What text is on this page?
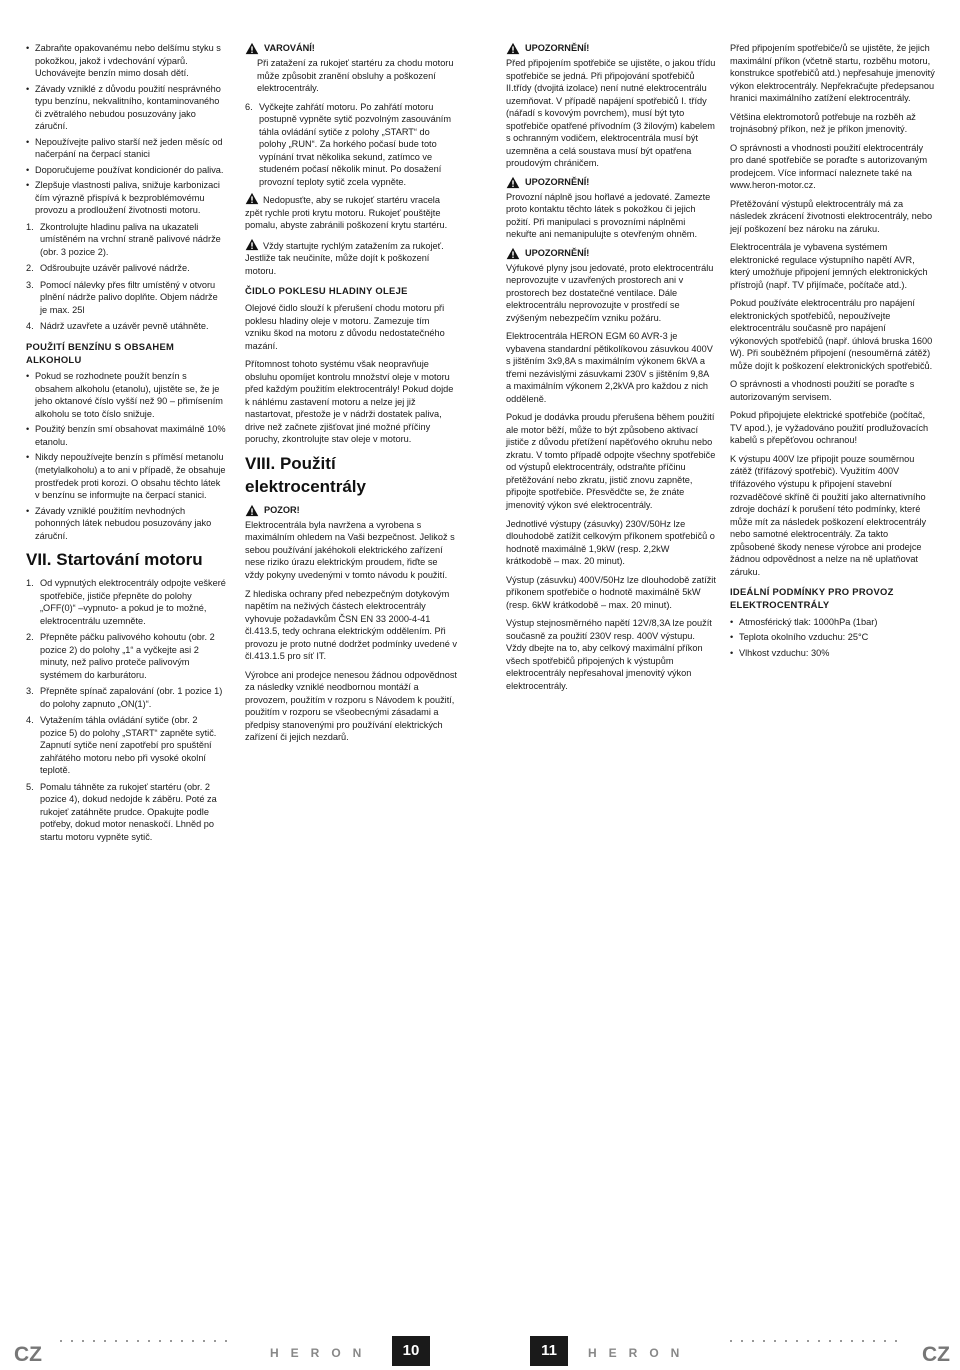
• Zabraňte opakovanému nebo delšímu styku s pokožkou, jakož i vdechování výparů. Uchovávejte benzín mimo dosah dětí.
• Závady vzniklé z důvodu použití nesprávného typu benzínu, nekvalitního, kontaminovaného či zvětralého nebudou posuzovány jako záruční.
• Nepoužívejte palivo starší než jeden měsíc od načerpání na čerpací stanici
• Doporučujeme používat kondicionér do paliva.
• Zlepšuje vlastnosti paliva, snižuje karbonizaci čím výrazně přispívá k bezproblémovému provozu a prodloužení životnosti motoru.
1. Zkontrolujte hladinu paliva na ukazateli umístěném na vrchní straně palivové nádrže (obr. 3 pozice 2).
2. Odšroubujte uzávěr palivové nádrže.
3. Pomocí nálevky přes filtr umístěný v otvoru plnění nádrže palivo doplňte. Objem nádrže je max. 25l
4. Nádrž uzavřete a uzávěr pevně utáhněte.
POUŽITÍ BENZÍNU S OBSAHEM ALKOHOLU
• Pokud se rozhodnete použít benzín s obsahem alkoholu (etanolu), ujistěte se, že je jeho oktanové číslo vyšší než 90 – přimísením alkoholu se toto číslo snižuje.
• Použitý benzín smí obsahovat maximálně 10% etanolu.
• Nikdy nepoužívejte benzín s příměsí metanolu (metylalkoholu) a to ani v případě, že obsahuje prostředek proti korozi. O obsahu těchto látek v benzínu se informujte na čerpací stanici.
• Závady vzniklé použitím nevhodných pohonných látek nebudou posuzovány jako záruční.
VII. Startování motoru
1. Od vypnutých elektrocentrály odpojte veškeré spotřebiče, jističe přepněte do polohy „OFF(0)“ –vypnuto- a pokud je to možné, elektrocentrálu uzemněte.
2. Přepněte páčku palivového kohoutu (obr. 2 pozice 2) do polohy „1“ a vyčkejte asi 2 minuty, než palivo proteče palivovým systémem do karburátoru.
3. Přepněte spínač zapalování (obr. 1 pozice 1) do polohy zapnuto „ON(1)“.
4. Vytažením táhla ovládání sytiče (obr. 2 pozice 5) do polohy „START“ zapněte sytič. Zapnutí sytiče není zapotřebí pro spuštění zahřátého motoru nebo při vysoké okolní teplotě.
5. Pomalu táhněte za rukojeť startéru (obr. 2 pozice 4), dokud nedojde k záběru. Poté za rukojeť zatáhněte prudce. Opakujte podle potřeby, dokud motor nenaskočí. Lhněd po startu motoru vypněte sytič.
VAROVÁNÍ!
Při zatažení za rukojeť startéru za chodu motoru může způsobit zranění obsluhy a poškození elektrocentrály.
6. Vyčkejte zahřátí motoru. Po zahřátí motoru postupně vypněte sytič pozvolným zasouváním táhla ovládání sytiče z polohy „START“ do polohy „RUN“. Za horkého počasí bude toto vypínání trvat několika sekund, zatímco ve studeném počasí několik minut. Po dosažení provozní teploty sytič zcela vypněte.

Nedopusťte, aby se rukojeť startéru vracela zpět rychle proti krytu motoru. Rukojeť pouštějte pomalu, abyste zabránili poškození krytu startéru.

Vždy startujte rychlým zatažením za rukojeť. Jestliže tak neučiníte, může dojít k poškození motoru.

ČIDLO POKLESU HLADINY OLEJE

Olejové čidlo slouží k přerušení chodu motoru při poklesu hladiny oleje v motoru. Zamezuje tím vzniku škod na motoru z důvodu nedostatečného mazání.

Přítomnost tohoto systému však neopravňuje obsluhu opomíjet kontrolu množství oleje v motoru před každým použitím elektrocentrály! Pokud dojde k náhlému zastavení motoru a nelze jej již nastartovat, přestože je v nádrži dostatek paliva, drive než začnete zjišťovat jiné možné příčiny poruchy, zkontrolujte stav oleje v motoru.

VIII. Použití elektrocentrály
POZOR!

Elektrocentrála byla navržena a vyrobena s maximálním ohledem na Vaši bezpečnost. Jelikož s sebou používání jakéhokoli elektrického zařízení nese riziko úrazu elektrickým proudem, řiďte se vždy pokyny uvedenými v tomto návodu k použití.

Z hlediska ochrany před nebezpečným dotykovým napětím na neživých částech elektrocentrály vyhovuje požadavkům ČSN EN 33 2000-4-41 čl.413.5, tedy ochrana elektrickým oddělením. Při provozu je proto nutné dodržet podmínky uvedené v čl.413.1.5 pro síť IT.

Výrobce ani prodejce nenesou žádnou odpovědnost za následky vzniklé neodbornou montáží a provozem, použitím v rozporu s Návodem k použití, použitím v rozporu se všeobecnými zásadami a předpisy stanovenými pro používání elektrických zařízení či jejich nezdarů.

UPOZORNĚNÍ!
Před připojením spotřebiče se ujistěte, o jakou třídu spotřebiče se jedná. Při připojování spotřebičů II.třídy (dvojitá izolace) není nutné elektrocentrálu uzemňovat. V případě napájení spotřebičů I. třídy (nářadí s kovovým povrchem), musí být tyto spotřebiče opatřené přívodním (3 žilovým) kabelem s ochranným vodičem, elektrocentrála musí být uzemněna a celá soustava musí být opatřena proudovým chráničem.
UPOZORNĚNÍ!
Provozní náplně jsou hořlavé a jedovaté. Zamezte proto kontaktu těchto látek s pokožkou či jejich požití. Při manipulaci s provozními náplněmi nekuřte ani nemanipulujte s otevřeným ohněm.
UPOZORNĚNÍ!
Výfukové plyny jsou jedovaté, proto elektrocentrálu neprovozujte v uzavřených prostorech ani v prostorech bez dostatečné ventilace. Dále elektrocentrálu neprovozujte v prostředí se zvýšeným nebezpečím vzniku požáru.

Elektrocentrála HERON EGM 60 AVR-3 je vybavena standardní pětikolíkovou zásuvkou 400V s jištěním 3x9,8A s maximálním výkonem 6kVA a třemi nezávislými zásuvkami 230V s jištěním 9,8A a maximálním výkonem 2,2kVA pro každou z nich odděleně.

Pokud je dodávka proudu přerušena během použití ale motor běží, může to být způsobeno aktivací jističe z důvodu přetížení napěťového okruhu nebo zkratu. V tomto případě odpojte všechny spotřebiče od výstupů elektrocentrály, odstraňte příčinu přetěžování nebo zkratu, jistič znovu zapněte, připojte spotřebiče. Přesvědčte se, že znáte jmenovitý výkon své elektrocentrály.

Jednotlivé výstupy (zásuvky) 230V/50Hz lze dlouhodobě zatížit celkovým příkonem spotřebičů o hodnotě maximálně 1,9kW (resp. 2,2kW krátkodobě – max. 20 minut).

Výstup (zásuvku) 400V/50Hz lze dlouhodobě zatížit příkonem spotřebiče o hodnotě maximálně 5kW (resp. 6kW krátkodobě – max. 20 minut).

Výstup stejnosměrného napětí 12V/8,3A lze použít současně za použití 230V resp. 400V výstupu. Vždy dbejte na to, aby celkový maximální příkon všech spotřebičů připojených k výstupům elektrocentrály nepřesahoval jmenovitý výkon elektrocentrály.

Před připojením spotřebiče/ů se ujistěte, že jejich maximální příkon (včetně startu, rozběhu motoru, konstrukce spotřebičů atd.) nepřesahuje jmenovitý výkon elektrocentrály. Nepřekračujte předepsanou hranici maximálního zatížení elektrocentrály.

Většina elektromotorů potřebuje na rozběh až trojnásobný příkon, než je příkon jmenovitý.

O správnosti a vhodnosti použití elektrocentrály pro dané spotřebiče se poraďte s autorizovaným prodejcem. Více informací naleznete také na www.heron-motor.cz.

Přetěžování výstupů elektrocentrály má za následek zkrácení životnosti elektrocentrály, nebo její poškození bez nároku na záruku.

Elektrocentrála je vybavena systémem elektronické regulace výstupního napětí AVR, který umožňuje připojení jemných elektronických přístrojů (např. TV přijímače, počítače atd.).

Pokud používáte elektrocentrálu pro napájení elektronických spotřebičů, nepoužívejte elektrocentrálu současně pro napájení výkonových spotřebičů (např. úhlová bruska 1600 W). Při souběžném připojení (nesouměrná zátěž) může dojít k poškození elektronických spotřebičů.

O správnosti a vhodnosti použití se poraďte s autorizovaným servisem.

Pokud připojujete elektrické spotřebiče (počítač, TV apod.), je vyžadováno použití prodlužovacích kabelů s přepěťovou ochranou!

K výstupu 400V lze připojit pouze souměrnou zátěž (třífázový spotřebič). Využitím 400V třífázového výstupu k připojení stavební rozvaděčové skříně či použití jako alternativního zdroje dochází k porušení této podmínky, které může mít za následek poškození elektrocentrály nebo samotné elektrocentrály. Za takto způsobené škody nenese výrobce ani prodejce žádnou odpovědnost a nelze na ně uplatňovat záruku.

IDEÁLNÍ PODMÍNKY PRO PROVOZ ELEKTROCENTRÁLY
• Atmosférický tlak: 1000hPa (1bar)
• Teplota okolního vzduchu: 25°C
• Vlhkost vzduchu: 30%
CZ	HERON	10	11	HERON	CZ
